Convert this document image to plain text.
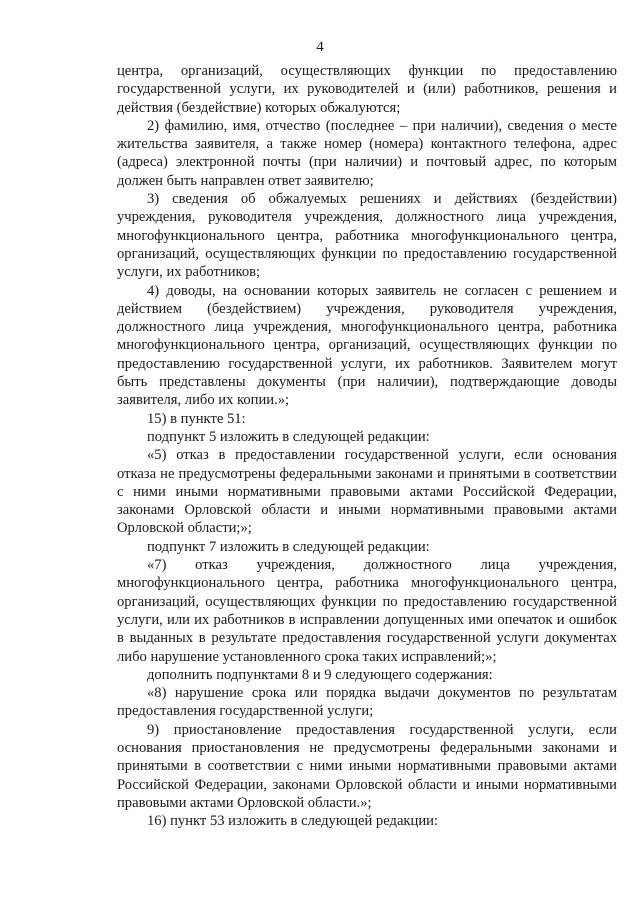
4

центра, организаций, осуществляющих функции по предоставлению государственной услуги, их руководителей и (или) работников, решения и действия (бездействие) которых обжалуются;

2) фамилию, имя, отчество (последнее – при наличии), сведения о месте жительства заявителя, а также номер (номера) контактного телефона, адрес (адреса) электронной почты (при наличии) и почтовый адрес, по которым должен быть направлен ответ заявителю;

3) сведения об обжалуемых решениях и действиях (бездействии) учреждения, руководителя учреждения, должностного лица учреждения, многофункционального центра, работника многофункционального центра, организаций, осуществляющих функции по предоставлению государственной услуги, их работников;

4) доводы, на основании которых заявитель не согласен с решением и действием (бездействием) учреждения, руководителя учреждения, должностного лица учреждения, многофункционального центра, работника многофункционального центра, организаций, осуществляющих функции по предоставлению государственной услуги, их работников. Заявителем могут быть представлены документы (при наличии), подтверждающие доводы заявителя, либо их копии.»;

15) в пункте 51:

подпункт 5 изложить в следующей редакции:

«5) отказ в предоставлении государственной услуги, если основания отказа не предусмотрены федеральными законами и принятыми в соответствии с ними иными нормативными правовыми актами Российской Федерации, законами Орловской области и иными нормативными правовыми актами Орловской области;»;

подпункт 7 изложить в следующей редакции:

«7) отказ учреждения, должностного лица учреждения, многофункционального центра, работника многофункционального центра, организаций, осуществляющих функции по предоставлению государственной услуги, или их работников в исправлении допущенных ими опечаток и ошибок в выданных в результате предоставления государственной услуги документах либо нарушение установленного срока таких исправлений;»;

дополнить подпунктами 8 и 9 следующего содержания:

«8) нарушение срока или порядка выдачи документов по результатам предоставления государственной услуги;

9) приостановление предоставления государственной услуги, если основания приостановления не предусмотрены федеральными законами и принятыми в соответствии с ними иными нормативными правовыми актами Российской Федерации, законами Орловской области и иными нормативными правовыми актами Орловской области.»;

16) пункт 53 изложить в следующей редакции:
